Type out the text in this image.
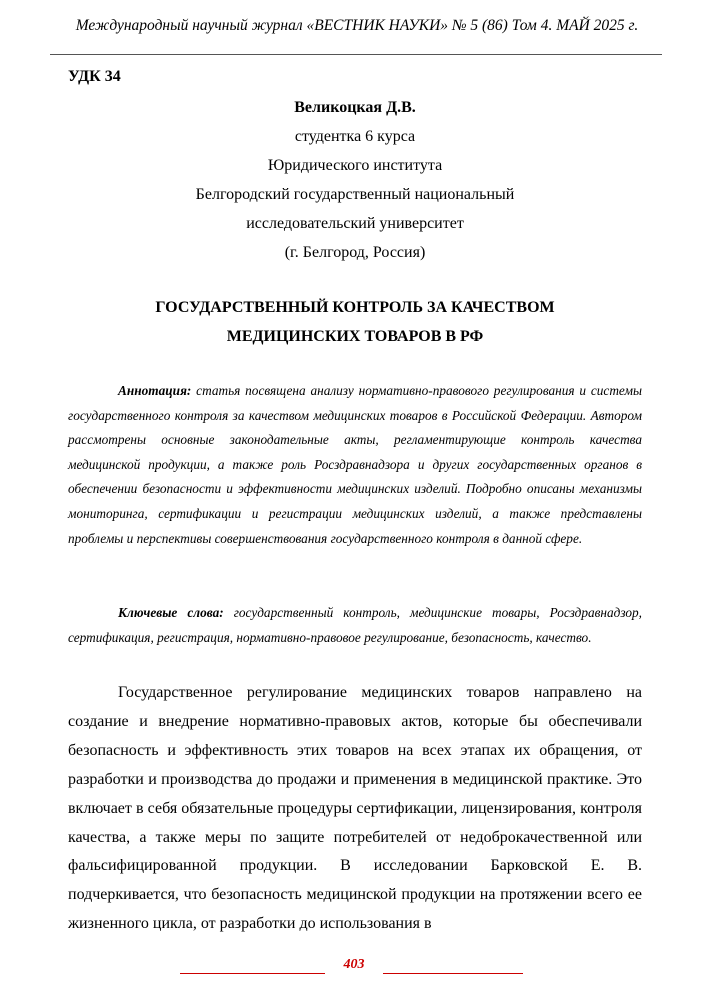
Международный научный журнал «ВЕСТНИК НАУКИ» № 5 (86) Том 4. МАЙ 2025 г.
УДК 34
Великоцкая Д.В.
студентка 6 курса
Юридического института
Белгородский государственный национальный
исследовательский университет
(г. Белгород, Россия)
ГОСУДАРСТВЕННЫЙ КОНТРОЛЬ ЗА КАЧЕСТВОМ
МЕДИЦИНСКИХ ТОВАРОВ В РФ
Аннотация: статья посвящена анализу нормативно-правового регулирования и системы государственного контроля за качеством медицинских товаров в Российской Федерации. Автором рассмотрены основные законодательные акты, регламентирующие контроль качества медицинской продукции, а также роль Росздравнадзора и других государственных органов в обеспечении безопасности и эффективности медицинских изделий. Подробно описаны механизмы мониторинга, сертификации и регистрации медицинских изделий, а также представлены проблемы и перспективы совершенствования государственного контроля в данной сфере.
Ключевые слова: государственный контроль, медицинские товары, Росздравнадзор, сертификация, регистрация, нормативно-правовое регулирование, безопасность, качество.
Государственное регулирование медицинских товаров направлено на создание и внедрение нормативно-правовых актов, которые бы обеспечивали безопасность и эффективность этих товаров на всех этапах их обращения, от разработки и производства до продажи и применения в медицинской практике. Это включает в себя обязательные процедуры сертификации, лицензирования, контроля качества, а также меры по защите потребителей от недоброкачественной или фальсифицированной продукции. В исследовании Барковской Е. В. подчеркивается, что безопасность медицинской продукции на протяжении всего ее жизненного цикла, от разработки до использования в
403
